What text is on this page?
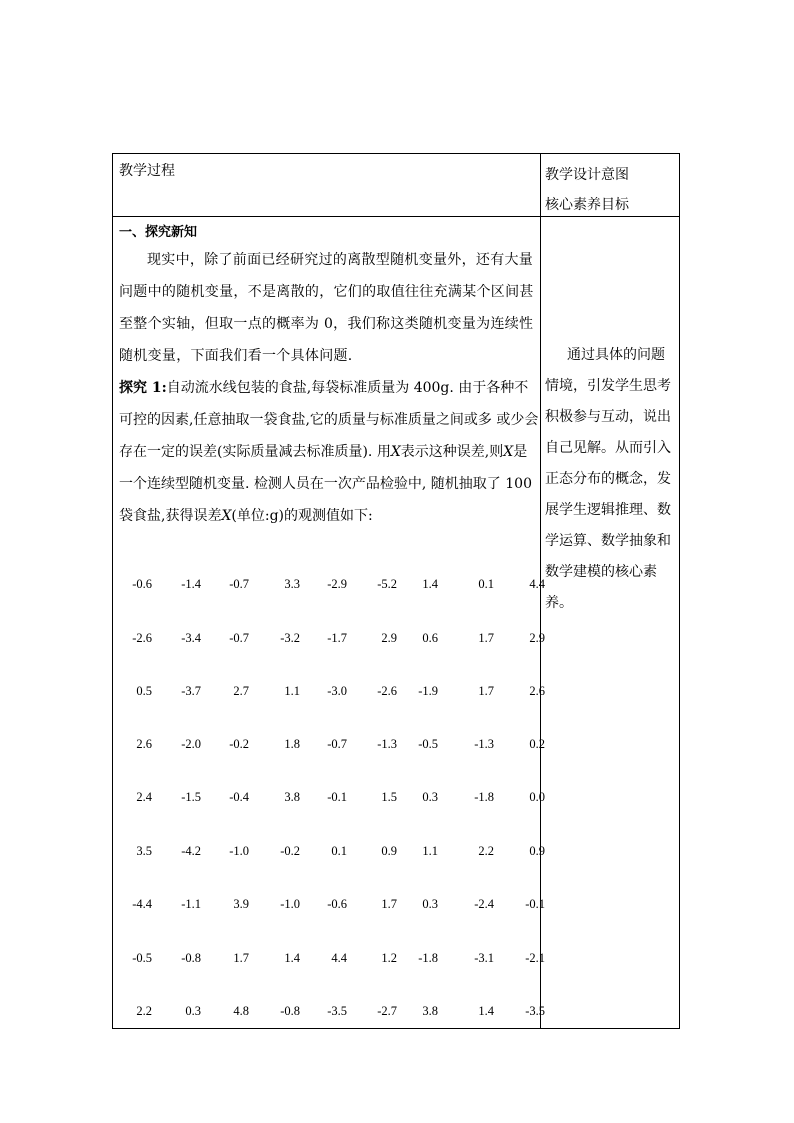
教学过程	教学设计意图
核心素养目标

一、探究新知

现实中，除了前面已经研究过的离散型随机变量外，还有大量问题中的随机变量，不是离散的，它们的取值往往充满某个区间甚至整个实轴，但取一点的概率为 0，我们称这类随机变量为连续性随机变量，下面我们看一个具体问题.

探究 1:自动流水线包装的食盐,每袋标准质量为 400g. 由于各种不可控的因素,任意抽取一袋食盐,它的质量与标准质量之间或多 或少会存在一定的误差(实际质量减去标准质量). 用X表示这种误差,则X是一个连续型随机变量. 检测人员在一次产品检验中, 随机抽取了 100 袋食盐,获得误差X(单位:g)的观测值如下:

-0.6	-1.4	-0.7	3.3	-2.9	-5.2	1.4	0.1	4.4
-2.6	-3.4	-0.7	-3.2	-1.7	2.9	0.6	1.7	2.9
0.5	-3.7	2.7	1.1	-3.0	-2.6	-1.9	1.7	2.6
2.6	-2.0	-0.2	1.8	-0.7	-1.3	-0.5	-1.3	0.2
2.4	-1.5	-0.4	3.8	-0.1	1.5	0.3	-1.8	0.0
3.5	-4.2	-1.0	-0.2	0.1	0.9	1.1	2.2	0.9
-4.4	-1.1	3.9	-1.0	-0.6	1.7	0.3	-2.4	-0.1
-0.5	-0.8	1.7	1.4	4.4	1.2	-1.8	-3.1	-2.1
2.2	0.3	4.8	-0.8	-3.5	-2.7	3.8	1.4	-3.5
通过具体的问题情境，引发学生思考积极参与互动，说出自己见解。从而引入正态分布的概念，发展学生逻辑推理、数学运算、数学抽象和数学建模的核心素养。
